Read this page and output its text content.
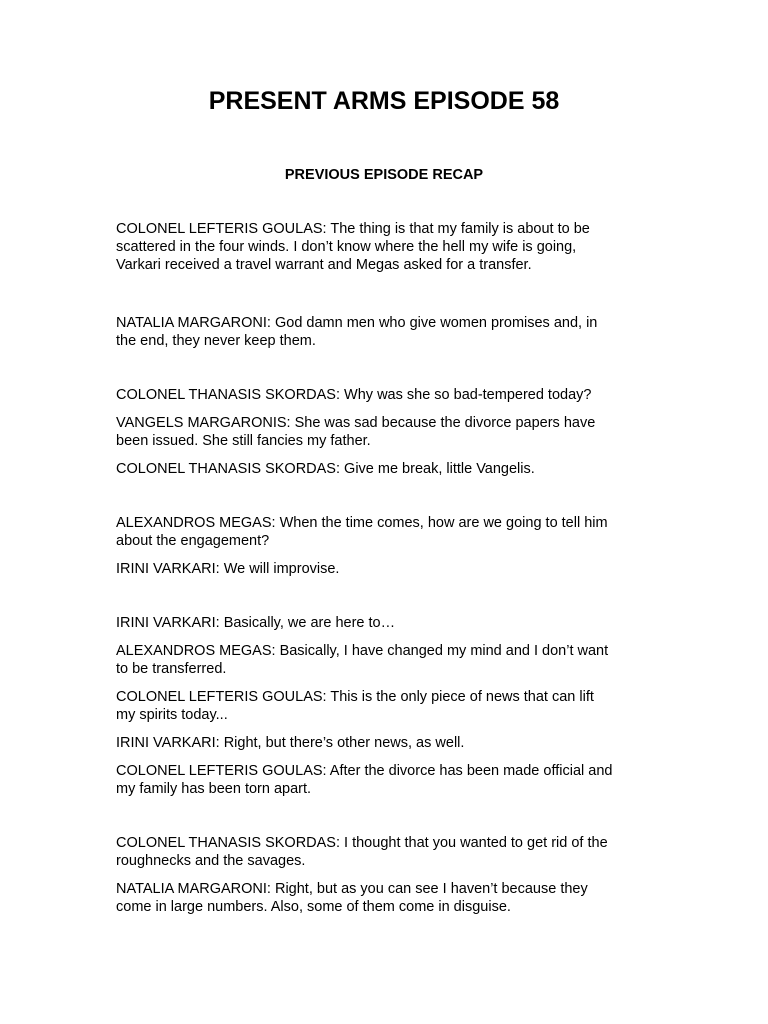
PRESENT ARMS EPISODE 58
PREVIOUS EPISODE RECAP

COLONEL LEFTERIS GOULAS: The thing is that my family is about to be
scattered in the four winds. I don’t know where the hell my wife is going,
Varkari received a travel warrant and Megas asked for a transfer.

NATALIA MARGARONI: God damn men who give women promises and, in
the end, they never keep them.

COLONEL THANASIS SKORDAS: Why was she so bad-tempered today?

VANGELS MARGARONIS: She was sad because the divorce papers have
been issued. She still fancies my father.

COLONEL THANASIS SKORDAS: Give me break, little Vangelis.

ALEXANDROS MEGAS: When the time comes, how are we going to tell him
about the engagement?

IRINI VARKARI: We will improvise.

IRINI VARKARI: Basically, we are here to…

ALEXANDROS MEGAS: Basically, I have changed my mind and I don’t want
to be transferred.

COLONEL LEFTERIS GOULAS: This is the only piece of news that can lift
my spirits today...

IRINI VARKARI: Right, but there’s other news, as well.

COLONEL LEFTERIS GOULAS: After the divorce has been made official and
my family has been torn apart.

COLONEL THANASIS SKORDAS: I thought that you wanted to get rid of the
roughnecks and the savages.

NATALIA MARGARONI: Right, but as you can see I haven’t because they
come in large numbers. Also, some of them come in disguise.
